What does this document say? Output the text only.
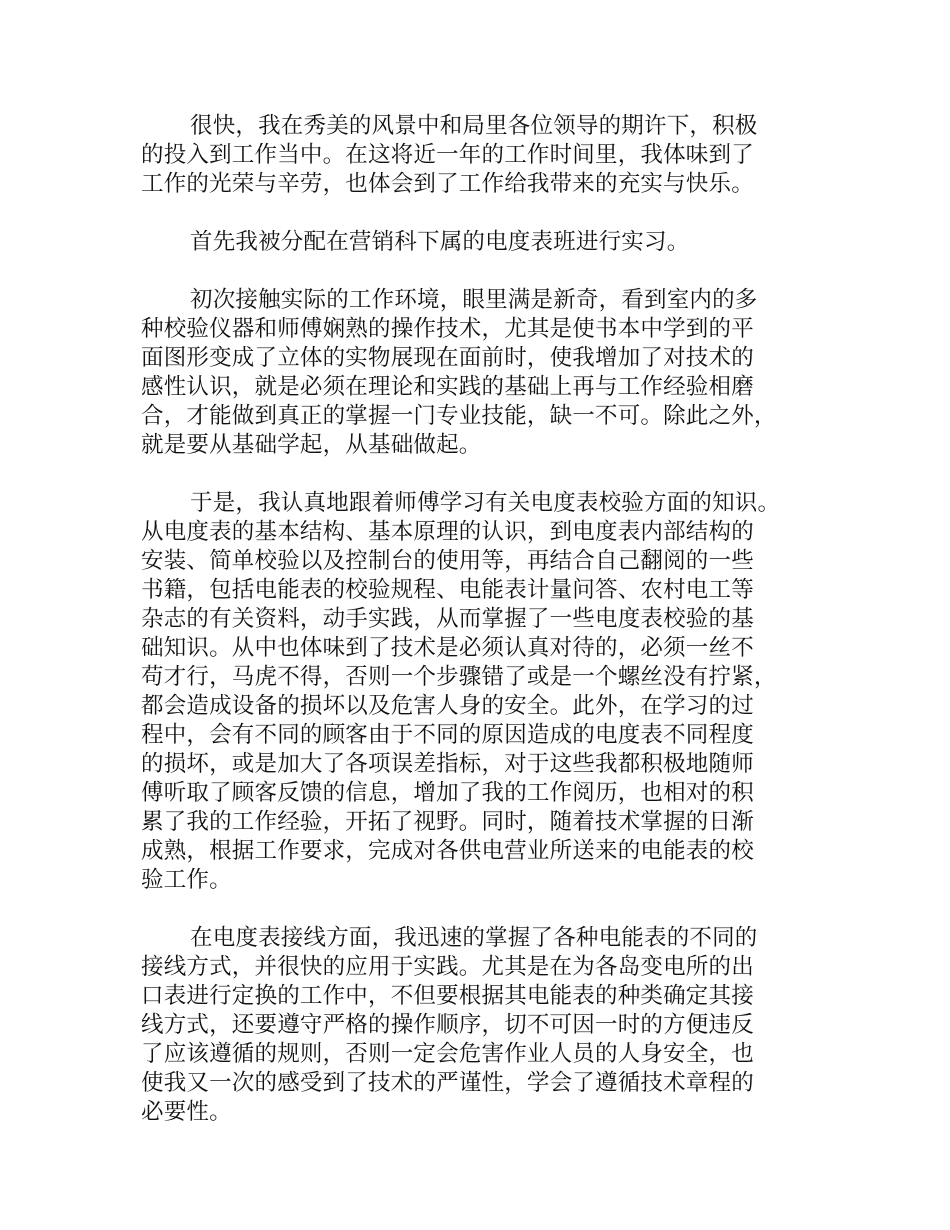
很快，我在秀美的风景中和局里各位领导的期许下，积极
的投入到工作当中。在这将近一年的工作时间里，我体味到了
工作的光荣与辛劳，也体会到了工作给我带来的充实与快乐。
首先我被分配在营销科下属的电度表班进行实习。
初次接触实际的工作环境，眼里满是新奇，看到室内的多
种校验仪器和师傅娴熟的操作技术，尤其是使书本中学到的平
面图形变成了立体的实物展现在面前时，使我增加了对技术的
感性认识，就是必须在理论和实践的基础上再与工作经验相磨
合，才能做到真正的掌握一门专业技能，缺一不可。除此之外，
就是要从基础学起，从基础做起。
于是，我认真地跟着师傅学习有关电度表校验方面的知识。
从电度表的基本结构、基本原理的认识，到电度表内部结构的
安装、简单校验以及控制台的使用等，再结合自己翻阅的一些
书籍，包括电能表的校验规程、电能表计量问答、农村电工等
杂志的有关资料，动手实践，从而掌握了一些电度表校验的基
础知识。从中也体味到了技术是必须认真对待的，必须一丝不
苟才行，马虎不得，否则一个步骤错了或是一个螺丝没有拧紧，
都会造成设备的损坏以及危害人身的安全。此外，在学习的过
程中，会有不同的顾客由于不同的原因造成的电度表不同程度
的损坏，或是加大了各项误差指标，对于这些我都积极地随师
傅听取了顾客反馈的信息，增加了我的工作阅历，也相对的积
累了我的工作经验，开拓了视野。同时，随着技术掌握的日渐
成熟，根据工作要求，完成对各供电营业所送来的电能表的校
验工作。
在电度表接线方面，我迅速的掌握了各种电能表的不同的
接线方式，并很快的应用于实践。尤其是在为各岛变电所的出
口表进行定换的工作中，不但要根据其电能表的种类确定其接
线方式，还要遵守严格的操作顺序，切不可因一时的方便违反
了应该遵循的规则，否则一定会危害作业人员的人身安全，也
使我又一次的感受到了技术的严谨性，学会了遵循技术章程的
必要性。
